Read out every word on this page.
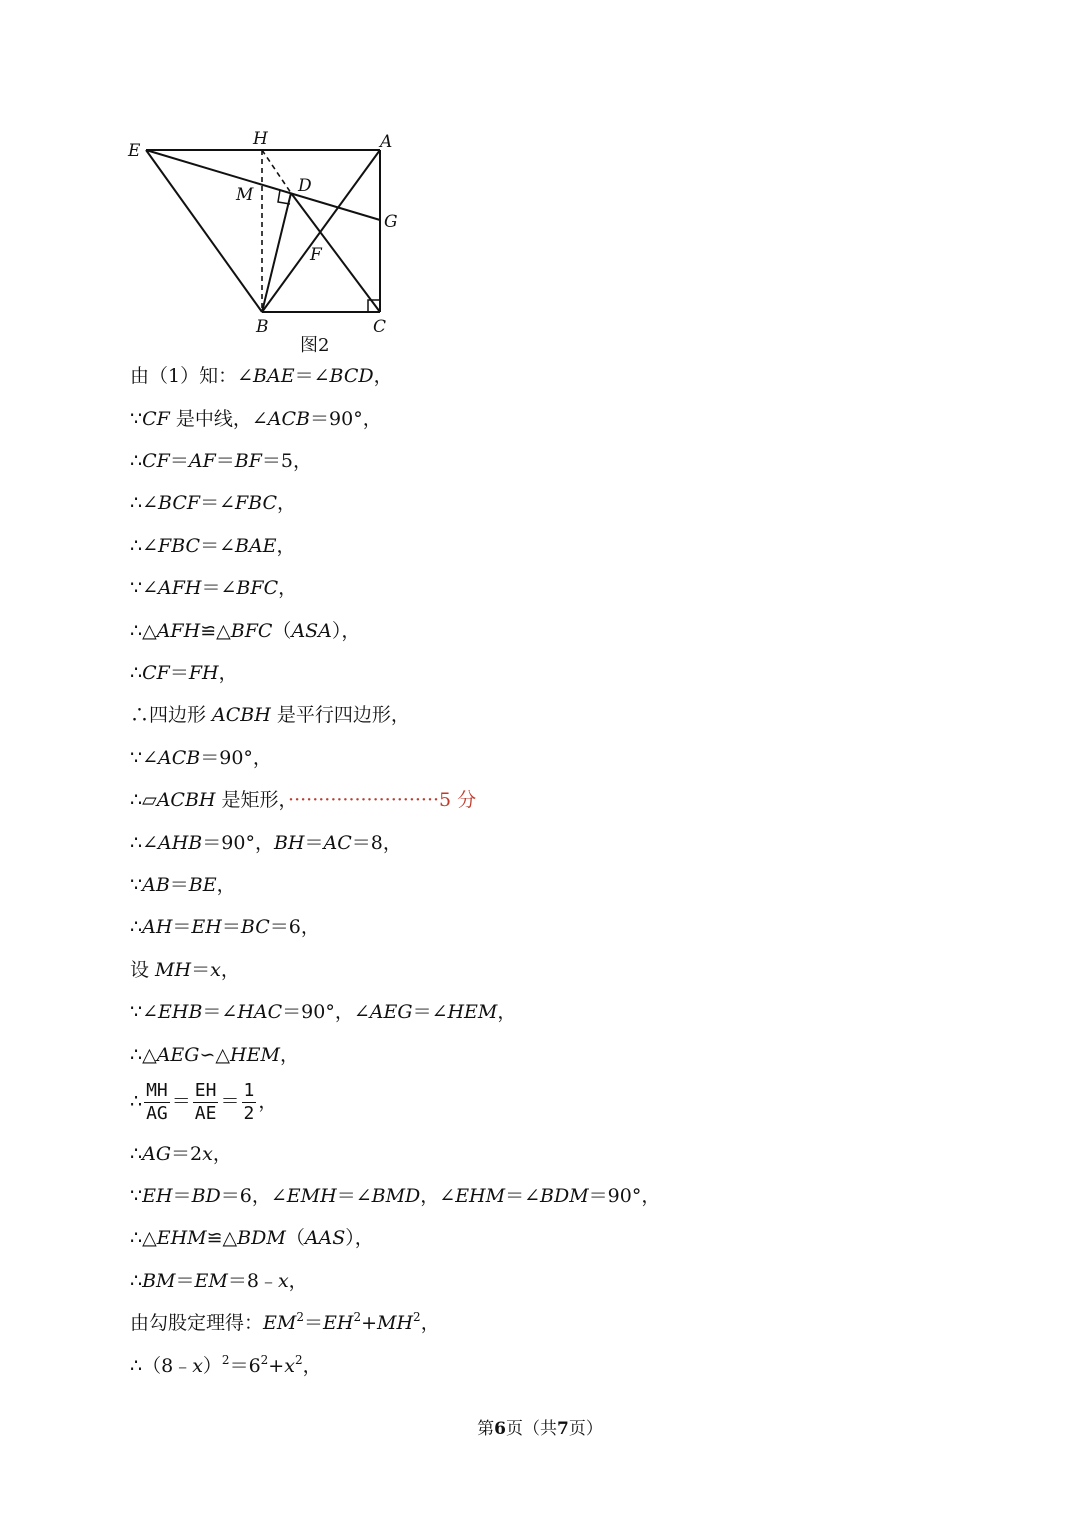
E
H	A
M	D
G
F
B	C
图2
由（1）知：∠BAE＝∠BCD，
∵CF 是中线，∠ACB＝90°，
∴CF＝AF＝BF＝5，
∴∠BCF＝∠FBC，
∴∠FBC＝∠BAE，
∵∠AFH＝∠BFC，
∴△AFH≌△BFC（ASA），
∴CF＝FH，
∴四边形 ACBH 是平行四边形，
∵∠ACB＝90°，
∴▱ACBH 是矩形，·························5 分
∴∠AHB＝90°，BH＝AC＝8，
∵AB＝BE，
∴AH＝EH＝BC＝6，
设 MH＝x，
∵∠EHB＝∠HAC＝90°，∠AEG＝∠HEM，
∴△AEG∽△HEM，
∴ $\frac{MH}{AG} = \frac{EH}{AE} = \frac{1}{2}$ ，
∴AG＝2x，
∵EH＝BD＝6，∠EMH＝∠BMD，∠EHM＝∠BDM＝90°，
∴△EHM≌△BDM（AAS），
∴BM＝EM＝8﹣x，
由勾股定理得：$EM^2=EH^2+MH^2$，
$\therefore(8﹣x)^2=6^2+x^2$，
第6页（共7页）
